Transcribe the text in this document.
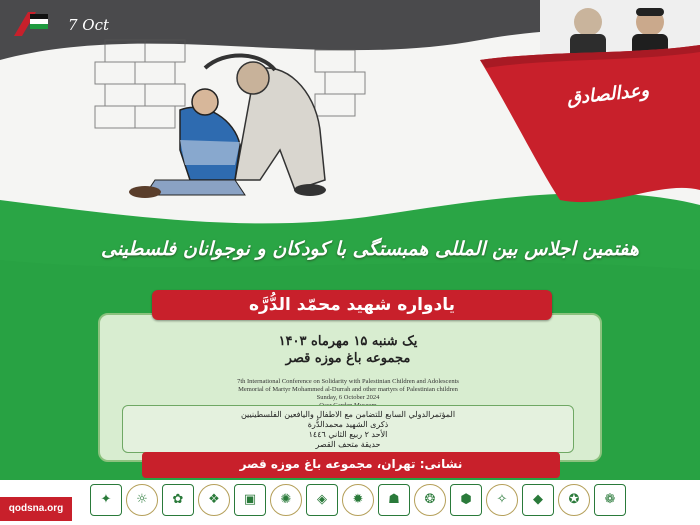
7 Oct
وعدالصادق
هفتمین اجلاس بین المللی همبستگی با کودکان و نوجوانان فلسطینی
یادواره شهید محمّد الدُّرَّه
یک شنبه ۱۵ مهرماه ۱۴۰۳
مجموعه باغ موزه قصر
7th International Conference on Solidarity with Palestinian Children and Adolescents
Memorial of Martyr Mohammed al-Durrah and other martyrs of Palestinian children
Sunday, 6 October 2024
المؤتمرالدولي السابع للتضامن مع الاطفال والیافعین الفلسطینیین
ذكرى الشهيد محمدالدُّرة
الأحد ٢ ربيع الثاني ١٤٤٦
حديقة متحف القصر
نشانی: تهران، مجموعه باغ موزه قصر
qodsna.org
✦	☼	✿	❖	▣	✺	◈	✹	☗	❂	⬢	✧	◆	✪	❁
